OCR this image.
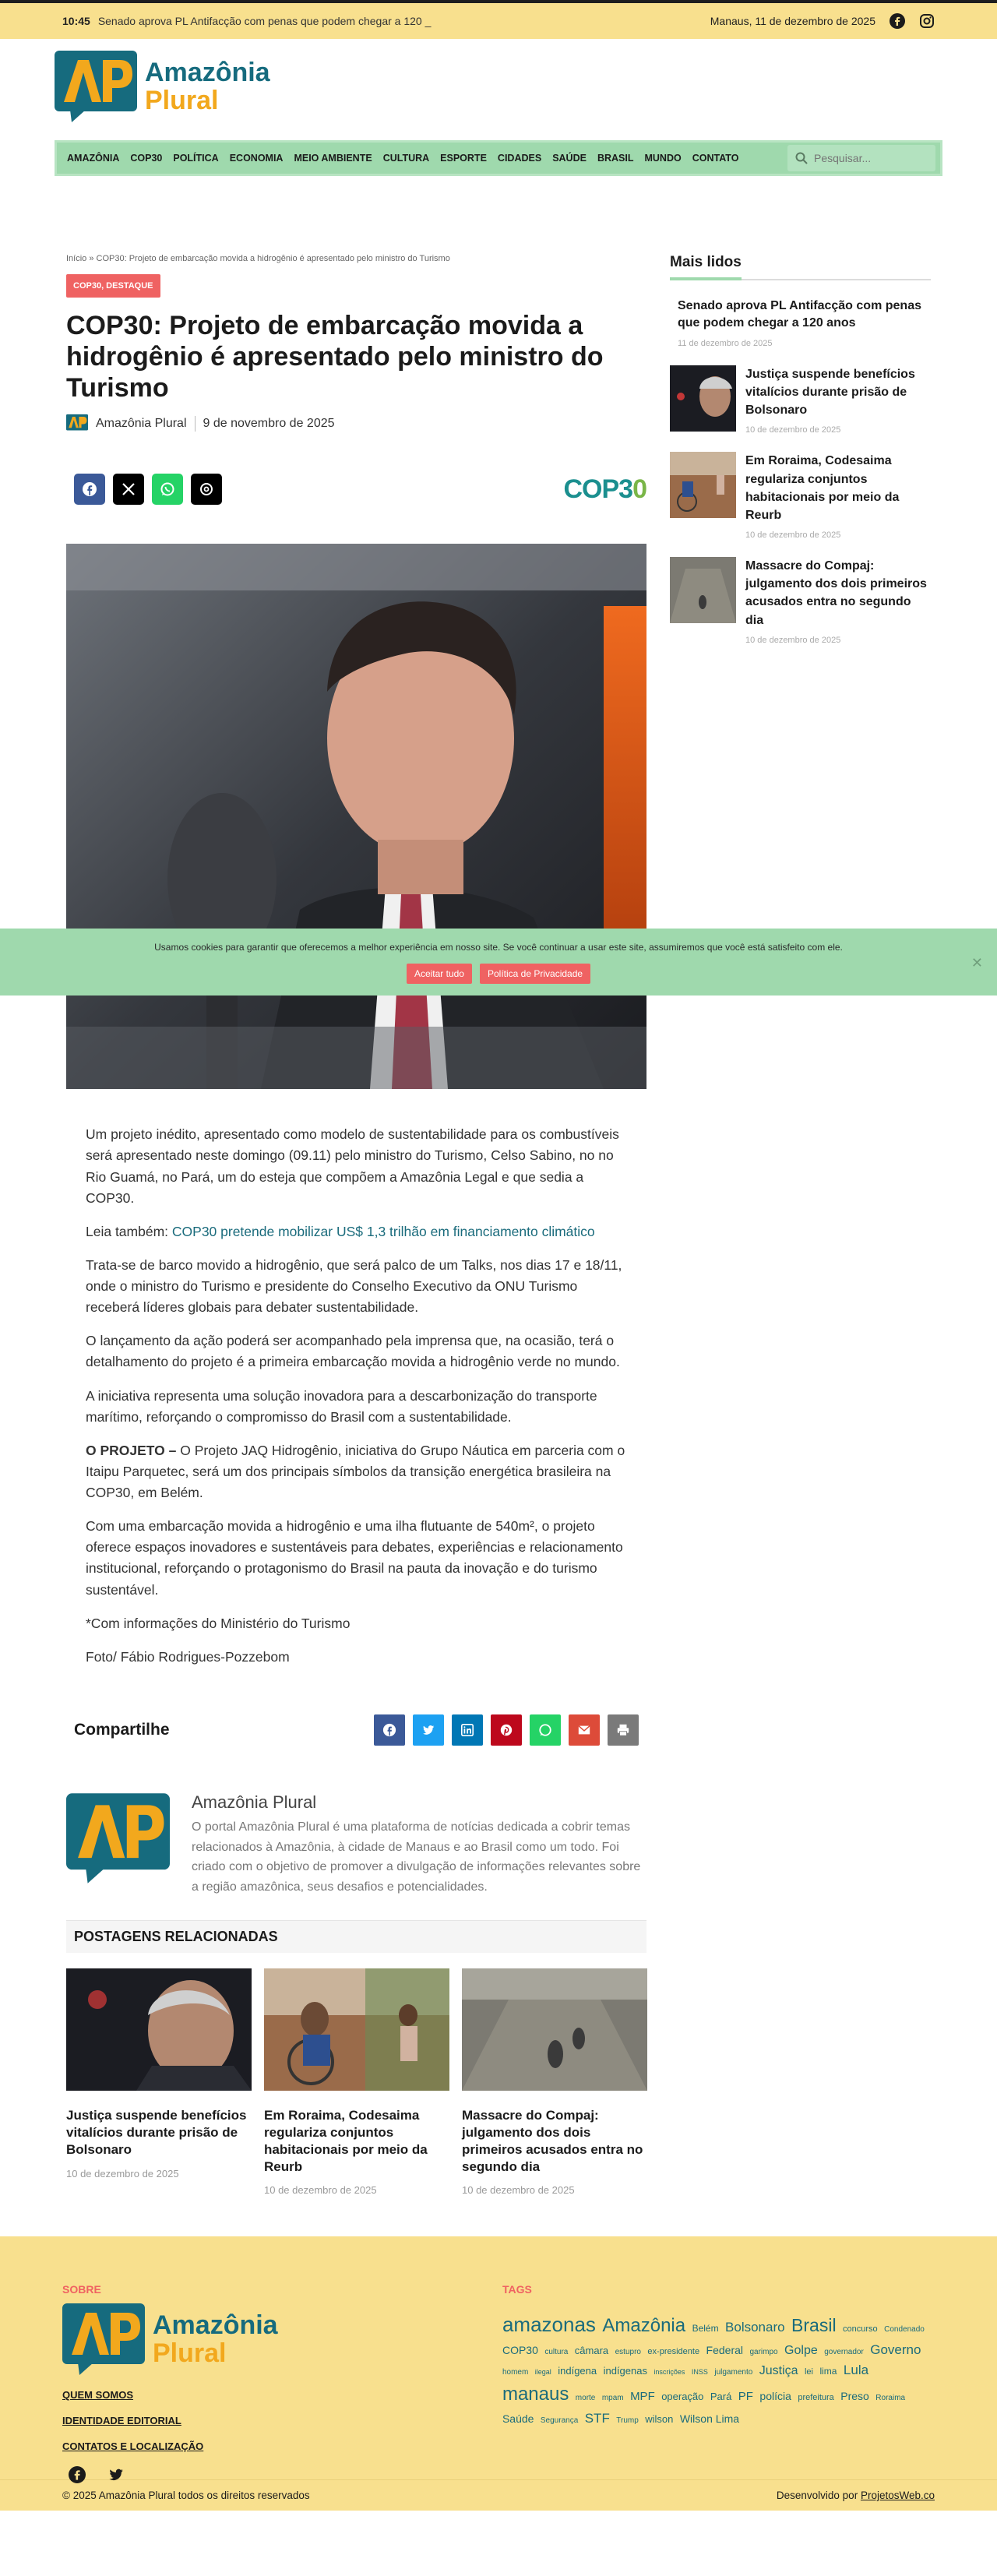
10:45 Senado aprova PL Antifacção com penas que podem chegar a 120 _	Manaus, 11 de dezembro de 2025
Amazônia
Plural
AMAZÔNIA	COP30	POLÍTICA	ECONOMIA	MEIO AMBIENTE	CULTURA	ESPORTE	CIDADES	SAÚDE	BRASIL	MUNDO	CONTATO
Pesquisar...
Início » COP30: Projeto de embarcação movida a hidrogênio é apresentado pelo ministro do Turismo
COP30, DESTAQUE
COP30: Projeto de embarcação movida a hidrogênio é apresentado pelo ministro do Turismo
Amazônia Plural 9 de novembro de 2025
COP30

Um projeto inédito, apresentado como modelo de sustentabilidade para os combustíveis será apresentado neste domingo (09.11) pelo ministro do Turismo, Celso Sabino, no no Rio Guamá, no Pará, um do esteja que compõem a Amazônia Legal e que sedia a COP30.

Leia também: COP30 pretende mobilizar US$ 1,3 trilhão em financiamento climático

Trata-se de barco movido a hidrogênio, que será palco de um Talks, nos dias 17 e 18/11, onde o ministro do Turismo e presidente do Conselho Executivo da ONU Turismo receberá líderes globais para debater sustentabilidade.

O lançamento da ação poderá ser acompanhado pela imprensa que, na ocasião, terá o detalhamento do projeto é a primeira embarcação movida a hidrogênio verde no mundo.

A iniciativa representa uma solução inovadora para a descarbonização do transporte marítimo, reforçando o compromisso do Brasil com a sustentabilidade.

O PROJETO – O Projeto JAQ Hidrogênio, iniciativa do Grupo Náutica em parceria com o Itaipu Parquetec, será um dos principais símbolos da transição energética brasileira na COP30, em Belém.

Com uma embarcação movida a hidrogênio e uma ilha flutuante de 540m², o projeto oferece espaços inovadores e sustentáveis para debates, experiências e relacionamento institucional, reforçando o protagonismo do Brasil na pauta da inovação e do turismo sustentável.

*Com informações do Ministério do Turismo

Foto/ Fábio Rodrigues-Pozzebom

Compartilhe
Amazônia Plural

O portal Amazônia Plural é uma plataforma de notícias dedicada a cobrir temas relacionados à Amazônia, à cidade de Manaus e ao Brasil como um todo. Foi criado com o objetivo de promover a divulgação de informações relevantes sobre a região amazônica, seus desafios e potencialidades.

POSTAGENS RELACIONADAS
Justiça suspende benefícios vitalícios durante prisão de Bolsonaro
10 de dezembro de 2025
Em Roraima, Codesaima regulariza conjuntos habitacionais por meio da Reurb
10 de dezembro de 2025
Massacre do Compaj: julgamento dos dois primeiros acusados entra no segundo dia
10 de dezembro de 2025
Mais lidos
Senado aprova PL Antifacção com penas que podem chegar a 120 anos
11 de dezembro de 2025
Justiça suspende benefícios vitalícios durante prisão de Bolsonaro
10 de dezembro de 2025
Em Roraima, Codesaima regulariza conjuntos habitacionais por meio da Reurb
10 de dezembro de 2025
Massacre do Compaj: julgamento dos dois primeiros acusados entra no segundo dia
10 de dezembro de 2025

Usamos cookies para garantir que oferecemos a melhor experiência em nosso site. Se você continuar a usar este site, assumiremos que você está satisfeito com ele.

Aceitar tudo	Política de Privacidade
✕
SOBRE
Amazônia
Plural
QUEM SOMOS
IDENTIDADE EDITORIAL
CONTATOS E LOCALIZAÇÃO
TAGS
amazonas Amazônia Belém Bolsonaro Brasil concurso Condenado COP30 cultura câmara estupro ex-presidente Federal garimpo Golpe governador Governo homem ilegal indígena indígenas inscrições INSS julgamento Justiça lei lima Lula manaus morte mpam MPF operação Pará PF polícia prefeitura Preso Roraima Saúde Segurança STF Trump wilson Wilson Lima
© 2025 Amazônia Plural todos os direitos reservados	Desenvolvido por ProjetosWeb.co
